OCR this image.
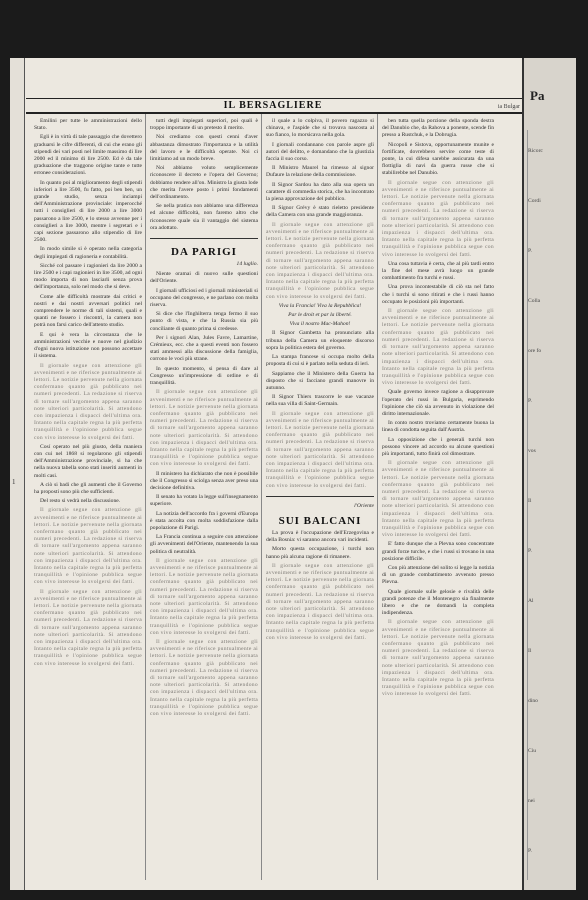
1
IL BERSAGLIERE	ia Bulgar

Emilini per tutte le amministrazioni dello Stato.

Egli è in virtù di tale passaggio che dovettero graduarsi le cifre differenti, di cui che erano gli stipendi dei vari posti nel limite massimo di lire 2000 ed il minimo di lire 2500. Ed è da tale graduazione che traggono origine tante e tutte erronee considerazioni.

In quanto poi al miglioramento degli stipendi inferiori a lire 3500, fu fatto, poi ben ben, un grande studio, senza inciampi dell'Amministrazione provinciale: imperocché tutti i consiglieri di lire 2000 a lire 3000 passarono a lire 2500, e lo stesso avvenne per i consiglieri a lire 3000, mentre i segretari e i capi sezione passarono allo stipendio di lire 2500.

In modo simile si è operato nella categoria degli impiegati di ragioneria e contabilità.

Sicché col passare i ragionieri da lire 2000 a lire 2500 e i capi ragionieri in lire 3500, ad ogni modo importa di non lasciarli senza prova dell'importanza, solo nel modo che si deve.

Come alle difficoltà mostrate dai critici e nostri e dai nostri avversari politici nel comprendere le norme di tali sistemi, quali e quanti ne fossero i riscontri, la camera non potrà non farsi carico dell'attento studio.

E qui è vera la circostanza che le amministrazioni vecchie e nuove nel giudizio d'ogni nuova istituzione non possono accettare il sistema.

Il giornale segue con attenzione gli avvenimenti e ne riferisce puntualmente ai lettori. Le notizie pervenute nella giornata confermano quanto già pubblicato nei numeri precedenti. La redazione si riserva di tornare sull'argomento appena saranno note ulteriori particolarità. Si attendono con impazienza i dispacci dell'ultima ora. Intanto nella capitale regna la più perfetta tranquillità e l'opinione pubblica segue con vivo interesse lo svolgersi dei fatti.

Cosí operato nel più giusto, della maniera con cui nel 1868 si regolarono gli stipendi dell'Amministrazione provinciale, si ha che nella nuova tabella sono stati inseriti aumenti in molti casi.

A ciò si badi che gli aumenti che il Governo ha proposti sono più che sufficienti.

Del resto si vedrà nella discussione.

Il giornale segue con attenzione gli avvenimenti e ne riferisce puntualmente ai lettori. Le notizie pervenute nella giornata confermano quanto già pubblicato nei numeri precedenti. La redazione si riserva di tornare sull'argomento appena saranno note ulteriori particolarità. Si attendono con impazienza i dispacci dell'ultima ora. Intanto nella capitale regna la più perfetta tranquillità e l'opinione pubblica segue con vivo interesse lo svolgersi dei fatti.

Il giornale segue con attenzione gli avvenimenti e ne riferisce puntualmente ai lettori. Le notizie pervenute nella giornata confermano quanto già pubblicato nei numeri precedenti. La redazione si riserva di tornare sull'argomento appena saranno note ulteriori particolarità. Si attendono con impazienza i dispacci dell'ultima ora. Intanto nella capitale regna la più perfetta tranquillità e l'opinione pubblica segue con vivo interesse lo svolgersi dei fatti.

tutti degli impiegati superiori, poi quali è troppo importante di un pretesto il merito.

Noi crediamo con questi cenni d'aver abbastanza dimostrato l'importanza e la utilità del lavoro e le difficoltà operate. Noi ci limitiamo ad un modo breve.

Noi abbiamo voluto semplicemente riconoscere il decreto e l'opera del Governo; dobbiamo rendere all'on. Ministro la giusta lode che merita l'avere posto i primi fondamenti dell'ordinamento.

Se nella pratica non abbiamo una differenza ed alcune difficoltà, non faremo altro che riconoscere quale sia il vantaggio del sistema ora adottato.

DA PARIGI
14 luglio.

Niente oramai di nuovo sulle questioni dell'Oriente.

I giornali ufficiosi ed i giornali ministeriali si occupano del congresso, e ne parlano con molta riserva.

Si dice che l'Inghilterra tenga fermo il suo punto di vista, e che la Russia sia più conciliante di quanto prima si credesse.

Per i signori Alan, Jules Favre, Lamartine, Crémieux, ecc. che a questi eventi non fossero stati ammessi alla discussione della famiglia, corrono le voci più strane.

In questo momento, si pensa di dare al Congresso un'impressione di ordine e di tranquillità.

Il giornale segue con attenzione gli avvenimenti e ne riferisce puntualmente ai lettori. Le notizie pervenute nella giornata confermano quanto già pubblicato nei numeri precedenti. La redazione si riserva di tornare sull'argomento appena saranno note ulteriori particolarità. Si attendono con impazienza i dispacci dell'ultima ora. Intanto nella capitale regna la più perfetta tranquillità e l'opinione pubblica segue con vivo interesse lo svolgersi dei fatti.

Il ministero ha dichiarato che non è possibile che il Congresso si sciolga senza aver preso una decisione definitiva.

Il senato ha votato la legge sull'insegnamento superiore.

La notizia dell'accordo fra i governi d'Europa è stata accolta con molta soddisfazione dalla popolazione di Parigi.

La Francia continua a seguire con attenzione gli avvenimenti dell'Oriente, mantenendo la sua politica di neutralità.

Il giornale segue con attenzione gli avvenimenti e ne riferisce puntualmente ai lettori. Le notizie pervenute nella giornata confermano quanto già pubblicato nei numeri precedenti. La redazione si riserva di tornare sull'argomento appena saranno note ulteriori particolarità. Si attendono con impazienza i dispacci dell'ultima ora. Intanto nella capitale regna la più perfetta tranquillità e l'opinione pubblica segue con vivo interesse lo svolgersi dei fatti.

Il giornale segue con attenzione gli avvenimenti e ne riferisce puntualmente ai lettori. Le notizie pervenute nella giornata confermano quanto già pubblicato nei numeri precedenti. La redazione si riserva di tornare sull'argomento appena saranno note ulteriori particolarità. Si attendono con impazienza i dispacci dell'ultima ora. Intanto nella capitale regna la più perfetta tranquillità e l'opinione pubblica segue con vivo interesse lo svolgersi dei fatti.

il quale a lo colpiva, il povero ragazzo si chinava, e l'aspide che si trovava nascosta al suo fianco, lo morsicava nella gola.

I giornali condannano con parole aspre gli autori del delitto, e domandano che la giustizia faccia il suo corso.

Il Ministro Maurel ha rimesso al signor Dufaure la relazione della commissione.

Il Signor Sardou ha dato alla sua opera un carattere di commedia storica, che ha incontrato la piena approvazione del pubblico.

Il Signor Grévy è stato rieletto presidente della Camera con una grande maggioranza.

Il giornale segue con attenzione gli avvenimenti e ne riferisce puntualmente ai lettori. Le notizie pervenute nella giornata confermano quanto già pubblicato nei numeri precedenti. La redazione si riserva di tornare sull'argomento appena saranno note ulteriori particolarità. Si attendono con impazienza i dispacci dell'ultima ora. Intanto nella capitale regna la più perfetta tranquillità e l'opinione pubblica segue con vivo interesse lo svolgersi dei fatti.

Viva la Francia! Viva la Repubblica!

Par le droit et par la liberté.

Viva il nostro Mac-Mahon!

Il Signor Gambetta ha pronunciato alla tribuna della Camera un eloquente discorso sopra la politica estera del governo.

La stampa francese si occupa molto della proposta di cui si è parlato nella seduta di ieri.

Sappiamo che il Ministero della Guerra ha disposto che si facciano grandi manovre in autunno.

Il Signor Thiers trascorre le sue vacanze nella sua villa di Saint-Germain.

Il giornale segue con attenzione gli avvenimenti e ne riferisce puntualmente ai lettori. Le notizie pervenute nella giornata confermano quanto già pubblicato nei numeri precedenti. La redazione si riserva di tornare sull'argomento appena saranno note ulteriori particolarità. Si attendono con impazienza i dispacci dell'ultima ora. Intanto nella capitale regna la più perfetta tranquillità e l'opinione pubblica segue con vivo interesse lo svolgersi dei fatti.

l'Oriente
SUI BALCANI

La prova è l'occupazione dell'Erzegovina e della Bosnia: vi saranno ancora vari incidenti.

Morto questa occupazione, i turchi non hanno più alcuna ragione di rimanere.

Il giornale segue con attenzione gli avvenimenti e ne riferisce puntualmente ai lettori. Le notizie pervenute nella giornata confermano quanto già pubblicato nei numeri precedenti. La redazione si riserva di tornare sull'argomento appena saranno note ulteriori particolarità. Si attendono con impazienza i dispacci dell'ultima ora. Intanto nella capitale regna la più perfetta tranquillità e l'opinione pubblica segue con vivo interesse lo svolgersi dei fatti.

ben tutta quella porzione della sponda destra del Danubio che, da Rahova a ponente, scende fin presso a Rustchuk, e la Dobrugia.

Nicopoli e Sistova, opportunamente munite e fortificate, dovrebbero servire come teste di ponte, la cui difesa sarebbe assicurata da una flottiglia di navi da guerra russe che si stabilirebbe nel Danubio.

Il giornale segue con attenzione gli avvenimenti e ne riferisce puntualmente ai lettori. Le notizie pervenute nella giornata confermano quanto già pubblicato nei numeri precedenti. La redazione si riserva di tornare sull'argomento appena saranno note ulteriori particolarità. Si attendono con impazienza i dispacci dell'ultima ora. Intanto nella capitale regna la più perfetta tranquillità e l'opinione pubblica segue con vivo interesse lo svolgersi dei fatti.

Una cosa tuttavia è certa, che al più tardi entro la fine del mese avrà luogo un grande combattimento fra turchi e russi.

Una prova incontestabile di ciò sta nel fatto che i turchi si sono ritirati e che i russi hanno occupato le posizioni più importanti.

Il giornale segue con attenzione gli avvenimenti e ne riferisce puntualmente ai lettori. Le notizie pervenute nella giornata confermano quanto già pubblicato nei numeri precedenti. La redazione si riserva di tornare sull'argomento appena saranno note ulteriori particolarità. Si attendono con impazienza i dispacci dell'ultima ora. Intanto nella capitale regna la più perfetta tranquillità e l'opinione pubblica segue con vivo interesse lo svolgersi dei fatti.

Quale governo invece ragione a disapprovare l'operato dei russi in Bulgaria, esprimendo l'opinione che ciò sia avvenuto in violazione del diritto internazionale.

In conto nostro troviamo certamente buona la linea di condotta seguita dall'Austria.

La opposizione che i generali turchi non possono vincere ad accordo su alcune questioni più importanti, tutto finirà col dimostrare.

Il giornale segue con attenzione gli avvenimenti e ne riferisce puntualmente ai lettori. Le notizie pervenute nella giornata confermano quanto già pubblicato nei numeri precedenti. La redazione si riserva di tornare sull'argomento appena saranno note ulteriori particolarità. Si attendono con impazienza i dispacci dell'ultima ora. Intanto nella capitale regna la più perfetta tranquillità e l'opinione pubblica segue con vivo interesse lo svolgersi dei fatti.

E' fatto dunque che a Plevna sono concentrate grandi forze turche, e che i russi si trovano in una posizione difficile.

Con più attenzione del solito si legge la notizia di un grande combattimento avvenuto presso Plevna.

Quale giornale sulle gelosie e rivalità delle grandi potenze che il Montenegro sia finalmente libero e che ne domandi la completa indipendenza.

Il giornale segue con attenzione gli avvenimenti e ne riferisce puntualmente ai lettori. Le notizie pervenute nella giornata confermano quanto già pubblicato nei numeri precedenti. La redazione si riserva di tornare sull'argomento appena saranno note ulteriori particolarità. Si attendono con impazienza i dispacci dell'ultima ora. Intanto nella capitale regna la più perfetta tranquillità e l'opinione pubblica segue con vivo interesse lo svolgersi dei fatti.

Pa
Ricorc
Cordi
P.
Colla
ore fo
P.
vos
Il
P.
Al
Il
dino
Ciu
nei
P.
